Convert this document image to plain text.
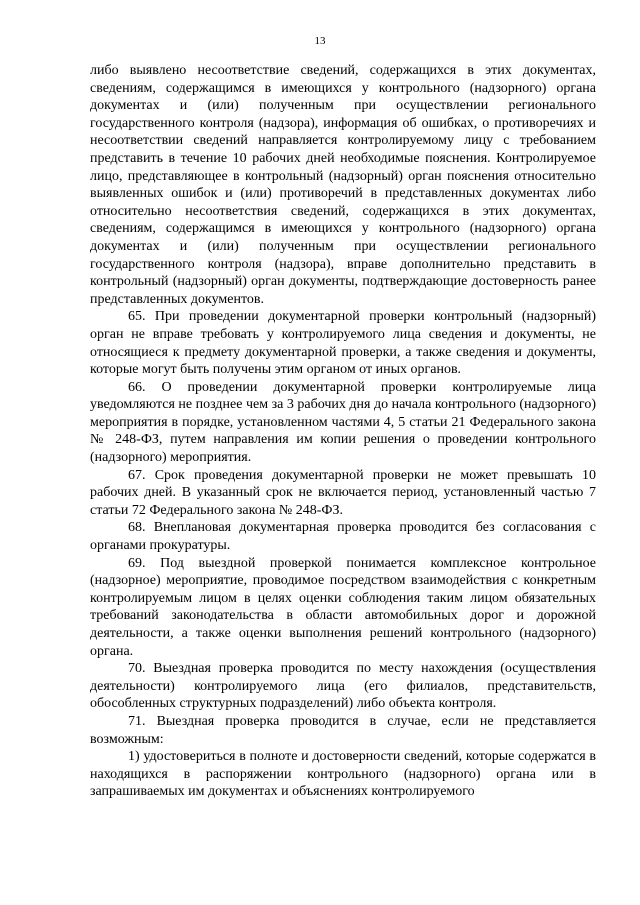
13

либо выявлено несоответствие сведений, содержащихся в этих документах, сведениям, содержащимся в имеющихся у контрольного (надзорного) органа документах и (или) полученным при осуществлении регионального государственного контроля (надзора), информация об ошибках, о противоречиях и несоответствии сведений направляется контролируемому лицу с требованием представить в течение 10 рабочих дней необходимые пояснения. Контролируемое лицо, представляющее в контрольный (надзорный) орган пояснения относительно выявленных ошибок и (или) противоречий в представленных документах либо относительно несоответствия сведений, содержащихся в этих документах, сведениям, содержащимся в имеющихся у контрольного (надзорного) органа документах и (или) полученным при осуществлении регионального государственного контроля (надзора), вправе дополнительно представить в контрольный (надзорный) орган документы, подтверждающие достоверность ранее представленных документов.

65. При проведении документарной проверки контрольный (надзорный) орган не вправе требовать у контролируемого лица сведения и документы, не относящиеся к предмету документарной проверки, а также сведения и документы, которые могут быть получены этим органом от иных органов.

66. О проведении документарной проверки контролируемые лица уведомляются не позднее чем за 3 рабочих дня до начала контрольного (надзорного) мероприятия в порядке, установленном частями 4, 5 статьи 21 Федерального закона № 248-ФЗ, путем направления им копии решения о проведении контрольного (надзорного) мероприятия.

67. Срок проведения документарной проверки не может превышать 10 рабочих дней. В указанный срок не включается период, установленный частью 7 статьи 72 Федерального закона № 248-ФЗ.

68. Внеплановая документарная проверка проводится без согласования с органами прокуратуры.

69. Под выездной проверкой понимается комплексное контрольное (надзорное) мероприятие, проводимое посредством взаимодействия с конкретным контролируемым лицом в целях оценки соблюдения таким лицом обязательных требований законодательства в области автомобильных дорог и дорожной деятельности, а также оценки выполнения решений контрольного (надзорного) органа.

70. Выездная проверка проводится по месту нахождения (осуществления деятельности) контролируемого лица (его филиалов, представительств, обособленных структурных подразделений) либо объекта контроля.

71. Выездная проверка проводится в случае, если не представляется возможным:

1) удостовериться в полноте и достоверности сведений, которые содержатся в находящихся в распоряжении контрольного (надзорного) органа или в запрашиваемых им документах и объяснениях контролируемого
